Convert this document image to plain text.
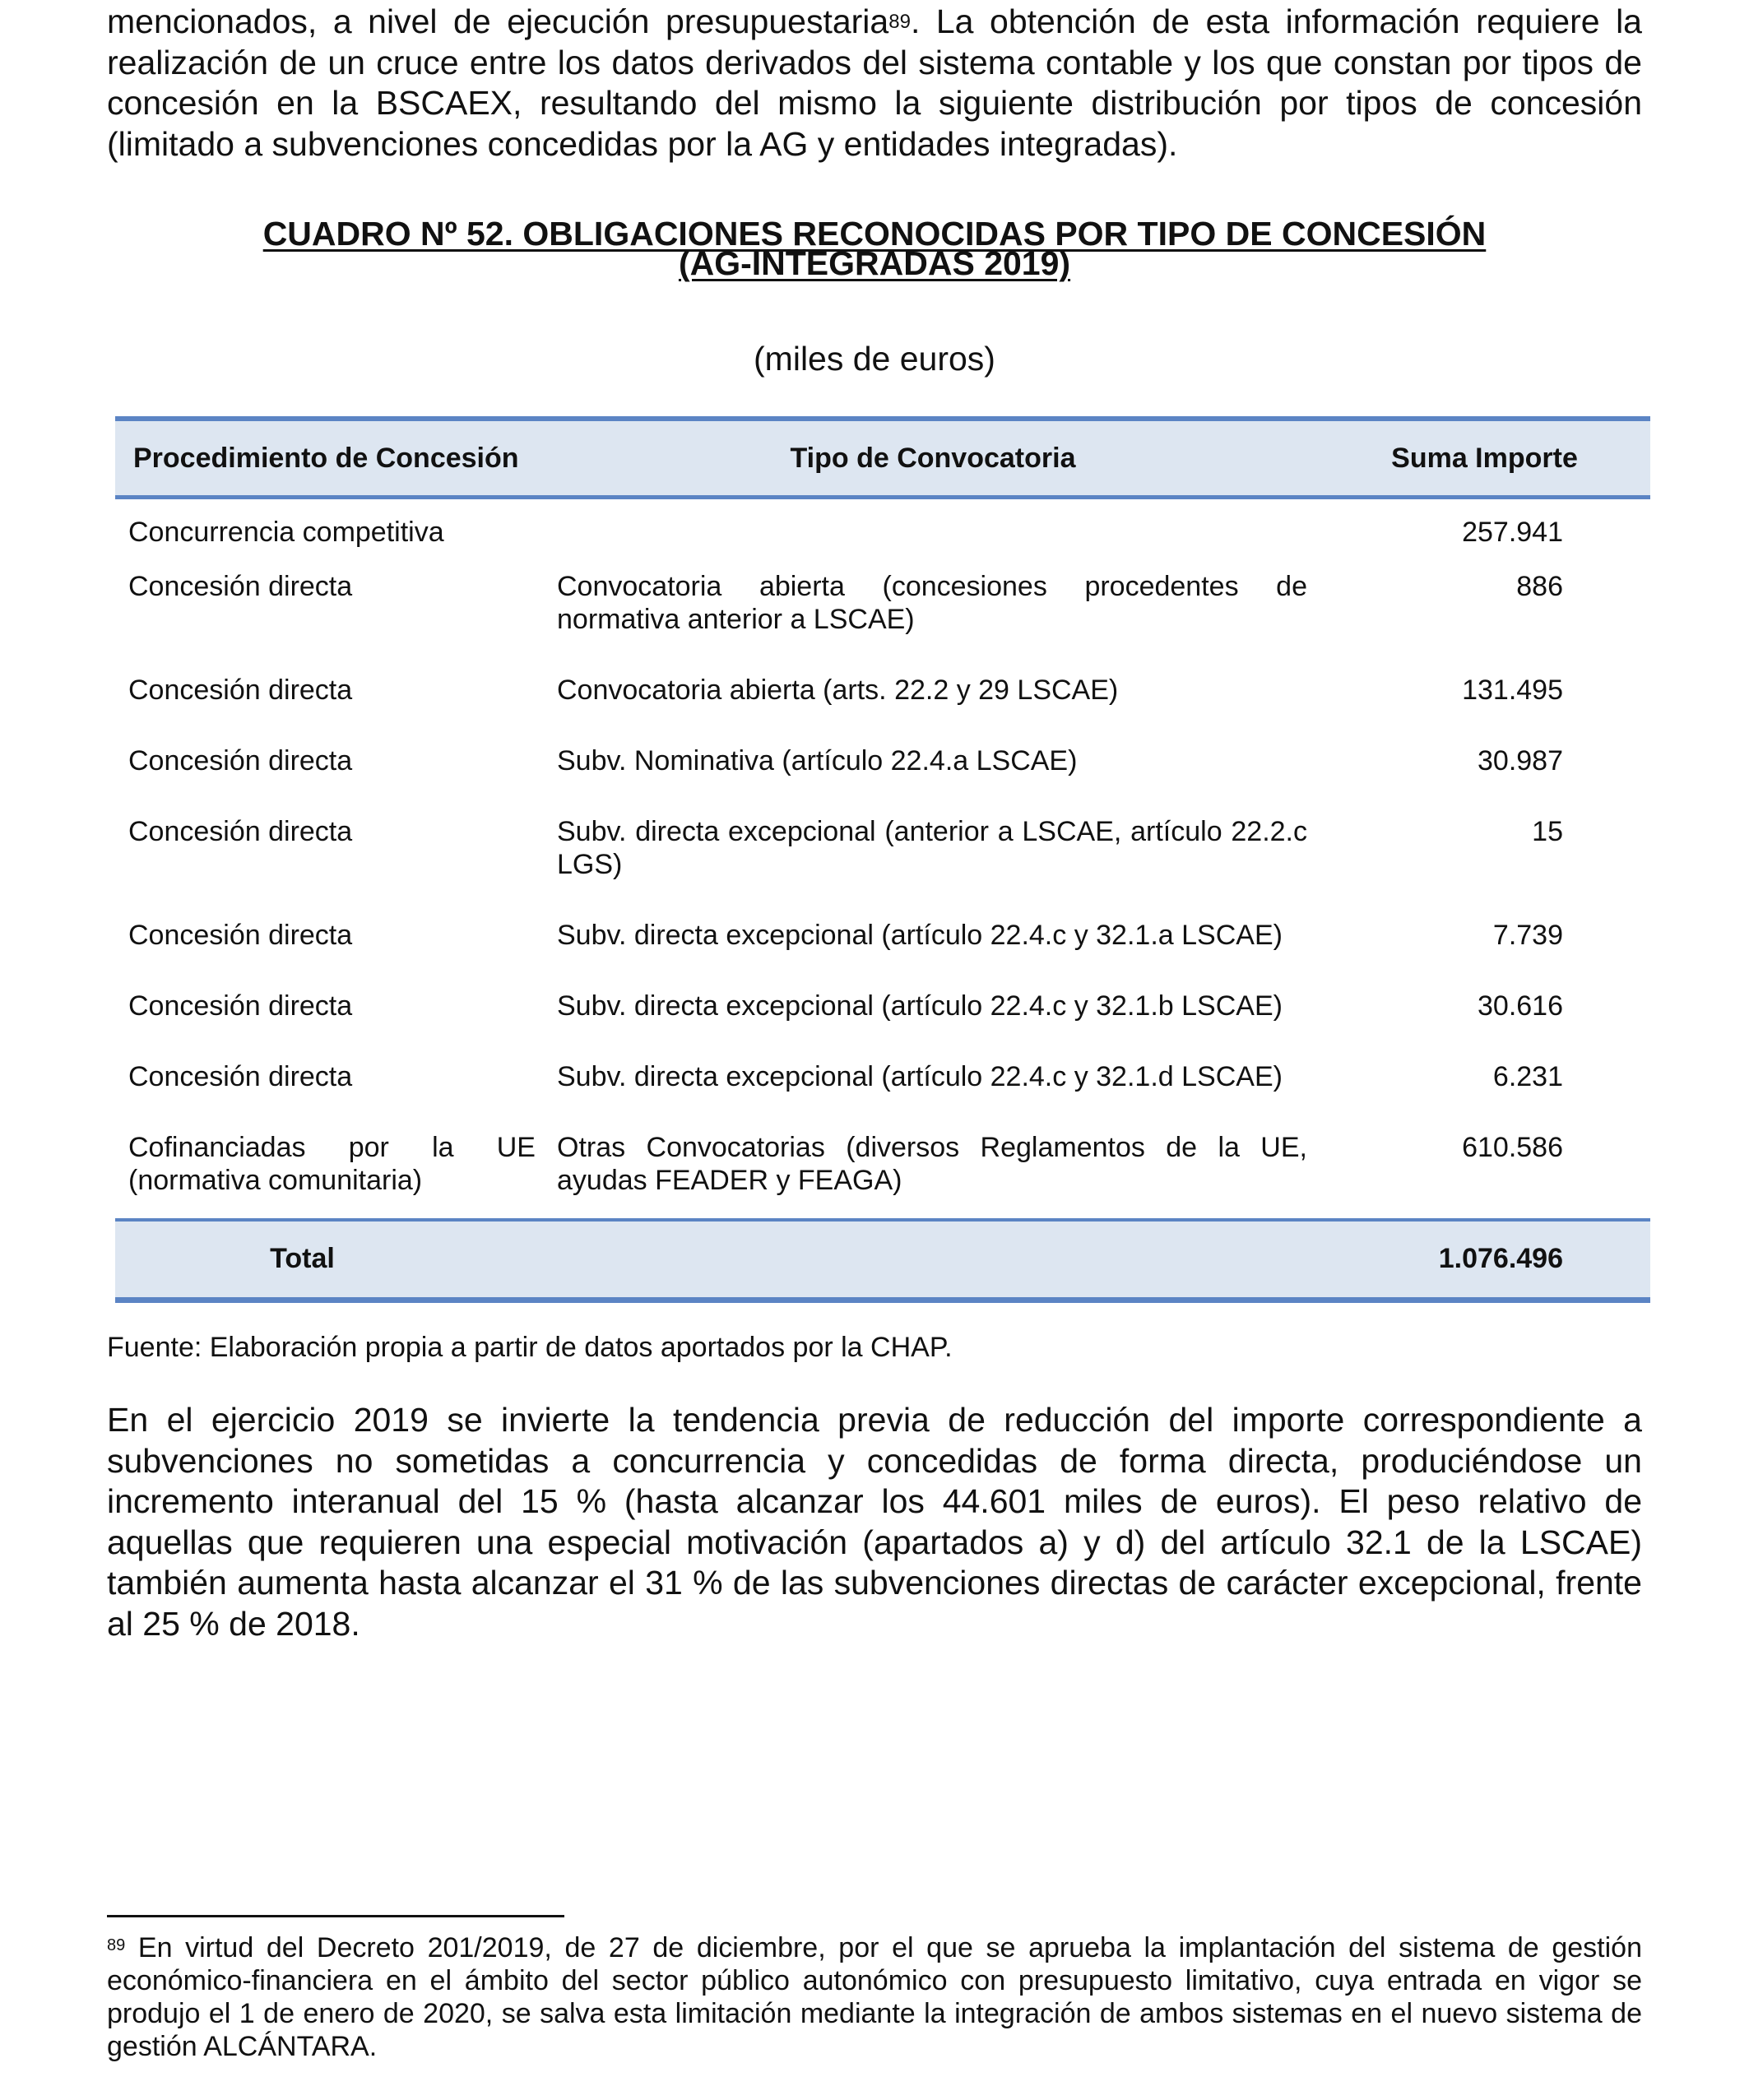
mencionados, a nivel de ejecución presupuestaria$^{89}$. La obtención de esta información requiere la realización de un cruce entre los datos derivados del sistema contable y los que constan por tipos de concesión en la BSCAEX, resultando del mismo la siguiente distribución por tipos de concesión (limitado a subvenciones concedidas por la AG y entidades integradas).

CUADRO Nº 52. OBLIGACIONES RECONOCIDAS POR TIPO DE CONCESIÓN
(AG-INTEGRADAS 2019)
(miles de euros)
Procedimiento de Concesión	Tipo de Convocatoria	Suma Importe
Concurrencia competitiva		257.941
Concesión directa	Convocatoria abierta (concesiones procedentes de normativa anterior a LSCAE)	886
Concesión directa	Convocatoria abierta (arts. 22.2 y 29 LSCAE)	131.495
Concesión directa	Subv. Nominativa (artículo 22.4.a LSCAE)	30.987
Concesión directa	Subv. directa excepcional (anterior a LSCAE, artículo 22.2.c LGS)	15
Concesión directa	Subv. directa excepcional (artículo 22.4.c y 32.1.a LSCAE)	7.739
Concesión directa	Subv. directa excepcional (artículo 22.4.c y 32.1.b LSCAE)	30.616
Concesión directa	Subv. directa excepcional (artículo 22.4.c y 32.1.d LSCAE)	6.231
Cofinanciadas por la UE (normativa comunitaria)	Otras Convocatorias (diversos Reglamentos de la UE, ayudas FEADER y FEAGA)	610.586
Total		1.076.496
Fuente: Elaboración propia a partir de datos aportados por la CHAP.

En el ejercicio 2019 se invierte la tendencia previa de reducción del importe correspondiente a subvenciones no sometidas a concurrencia y concedidas de forma directa, produciéndose un incremento interanual del 15 % (hasta alcanzar los 44.601 miles de euros). El peso relativo de aquellas que requieren una especial motivación (apartados a) y d) del artículo 32.1 de la LSCAE) también aumenta hasta alcanzar el 31 % de las subvenciones directas de carácter excepcional, frente al 25 % de 2018.

$^{89}$ En virtud del Decreto 201/2019, de 27 de diciembre, por el que se aprueba la implantación del sistema de gestión económico-financiera en el ámbito del sector público autonómico con presupuesto limitativo, cuya entrada en vigor se produjo el 1 de enero de 2020, se salva esta limitación mediante la integración de ambos sistemas en el nuevo sistema de gestión ALCÁNTARA.
